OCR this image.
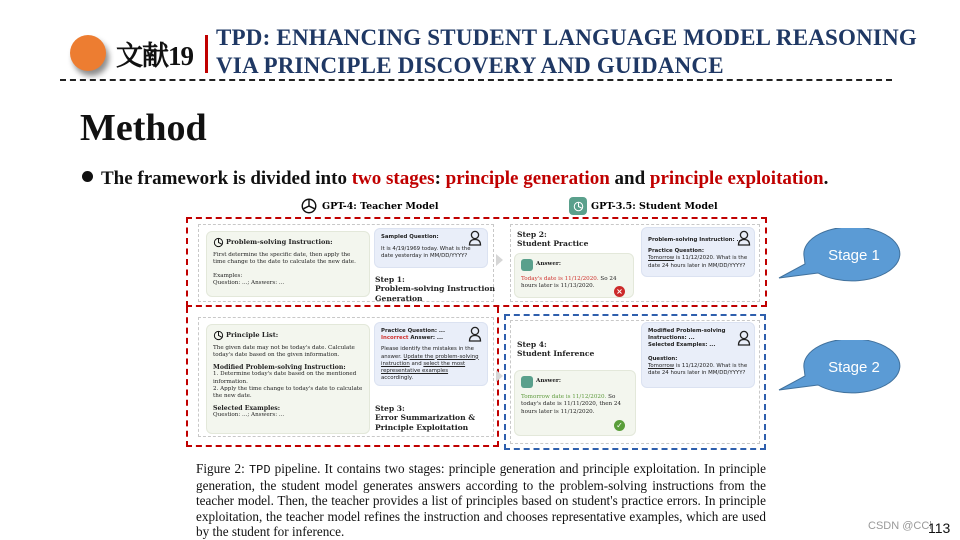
文献19
TPD: ENHANCING STUDENT LANGUAGE MODEL REASONING
VIA PRINCIPLE DISCOVERY AND GUIDANCE
Method
The framework is divided into two stages: principle generation and principle exploitation.
GPT-4: Teacher Model	GPT-3.5: Student Model
Problem-solving Instruction:
First determine the specific date, then apply the time change to the date to calculate the new date.
Examples:
Question: ...; Answers: ...
Sampled Question:
It is 4/19/1969 today. What is the date yesterday in MM/DD/YYYY?
Step 1:
Problem-solving Instruction Generation
Step 2:
Student Practice
Answer:
Today's date is 11/12/2020. So 24 hours later is 11/13/2020.
×
Problem-solving Instruction: ...
Practice Question:
Tomorrow is 11/12/2020. What is the date 24 hours later in MM/DD/YYYY?
Principle List:
The given date may not be today's date. Calculate today's date based on the given information.
Modified Problem-solving Instruction:
1. Determine today's date based on the mentioned information.
2. Apply the time change to today's date to calculate the new date.
Selected Examples:
Question: ...; Answers: ...
Practice Question: ...
Incorrect Answer: ...
Please identify the mistakes in the answer. Update the problem-solving instruction and select the most representative examples accordingly.
Step 3:
Error Summarization &
Principle Exploitation
Step 4:
Student Inference
Answer:
Tomorrow date is 11/12/2020. So today's date is 11/11/2020, then 24 hours later is 11/12/2020.
✓
Modified Problem-solving Instructions: ...
Selected Examples: ...
Question:
Tomorrow is 11/12/2020. What is the date 24 hours later in MM/DD/YYYY?
Figure 2: TPD pipeline. It contains two stages: principle generation and principle exploitation. In principle generation, the student model generates answers according to the problem-solving instructions from the teacher model. Then, the teacher provides a list of principles based on student's practice errors. In principle exploitation, the teacher model refines the instruction and chooses representative examples, which are used by the student for inference.
Stage 1
Stage 2
CSDN @CCl
113
